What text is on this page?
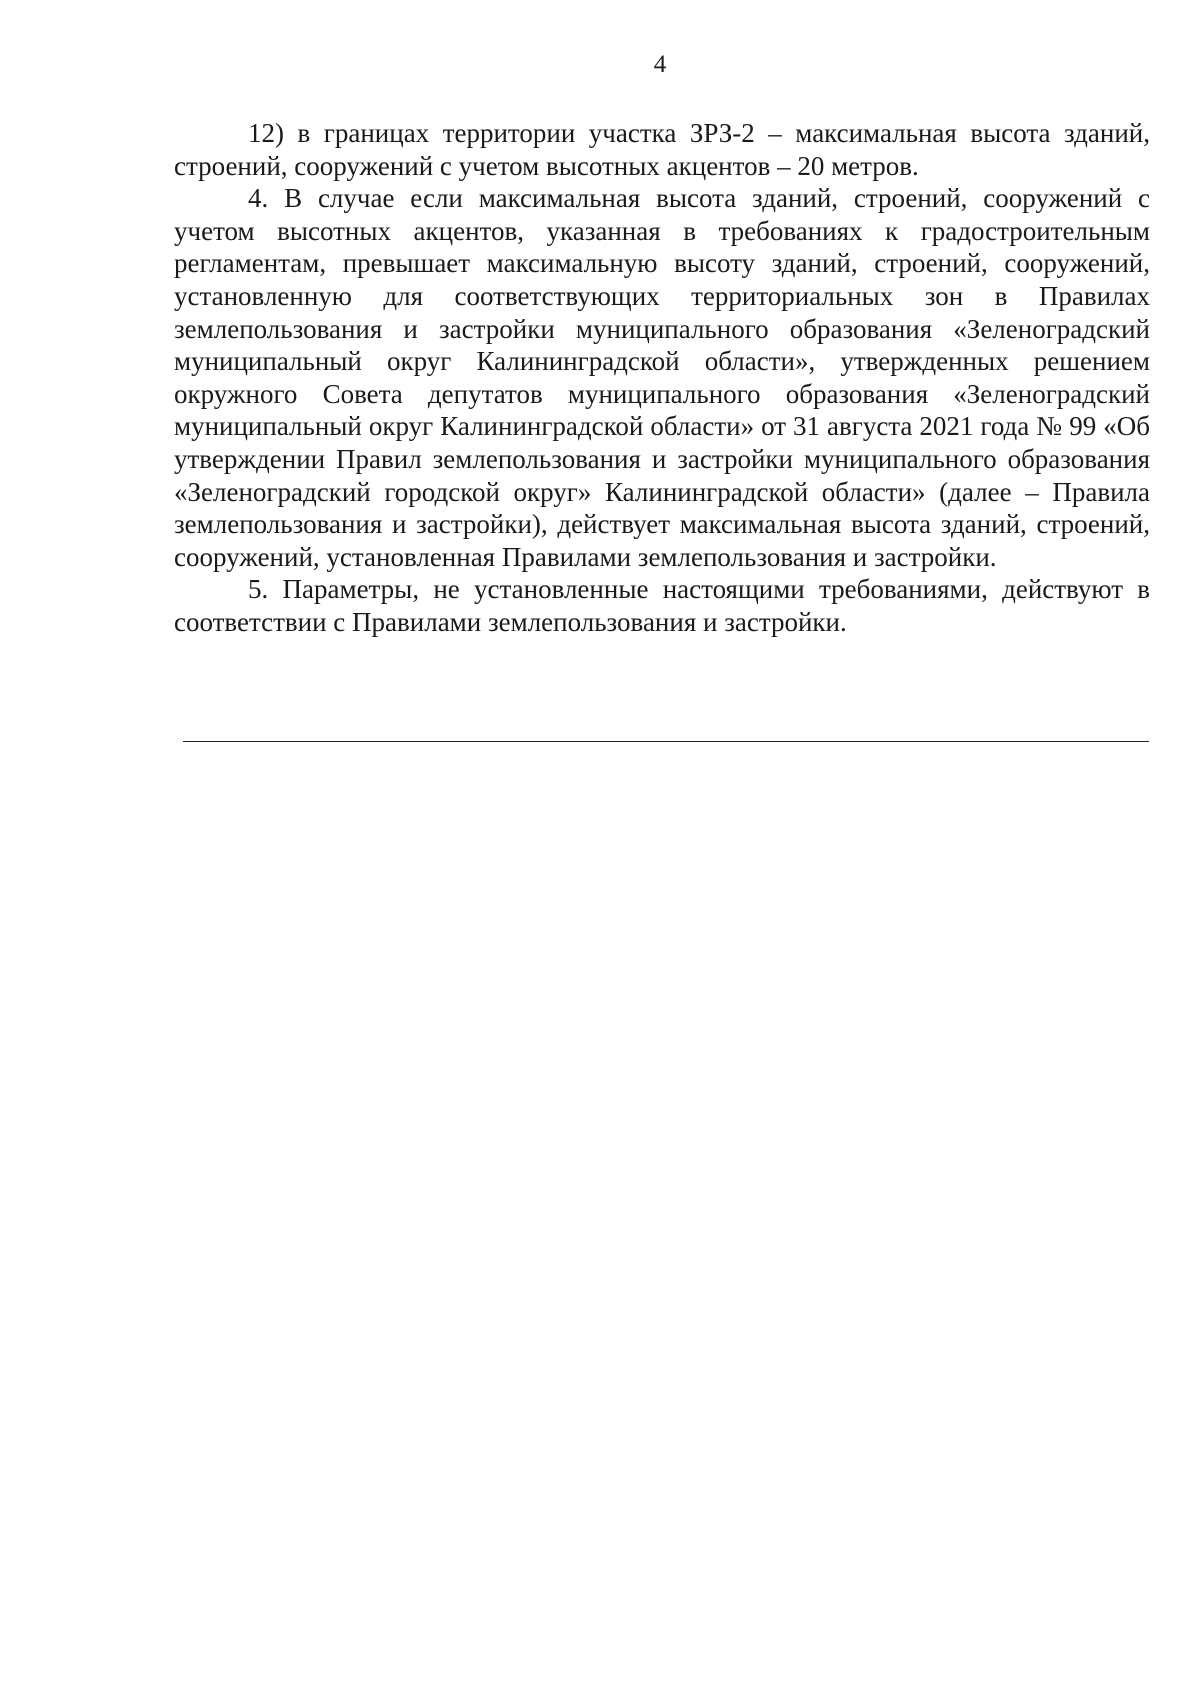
4

12) в границах территории участка ЗРЗ-2 – максимальная высота зданий, строений, сооружений с учетом высотных акцентов – 20 метров.

4. В случае если максимальная высота зданий, строений, сооружений с учетом высотных акцентов, указанная в требованиях к градостроительным регламентам, превышает максимальную высоту зданий, строений, сооружений, установленную для соответствующих территориальных зон в Правилах землепользования и застройки муниципального образования «Зеленоградский муниципальный округ Калининградской области», утвержденных решением окружного Совета депутатов муниципального образования «Зеленоградский муниципальный округ Калининградской области» от 31 августа 2021 года № 99 «Об утверждении Правил землепользования и застройки муниципального образования «Зеленоградский городской округ» Калининградской области» (далее – Правила землепользования и застройки), действует максимальная высота зданий, строений, сооружений, установленная Правилами землепользования и застройки.

5. Параметры, не установленные настоящими требованиями, действуют в соответствии с Правилами землепользования и застройки.
